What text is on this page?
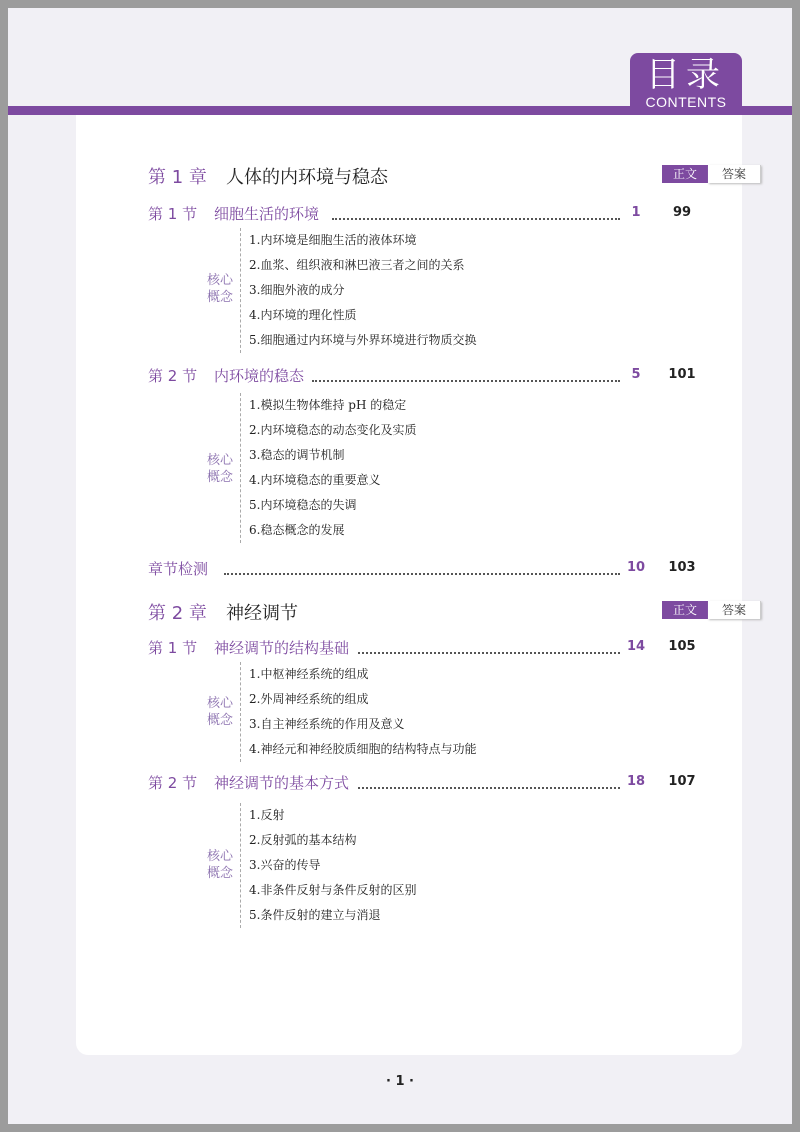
目录
CONTENTS
第 1 章 人体的内环境与稳态	正文	答案
第 1 节 细胞生活的环境	1	99
核心
概念
1.内环境是细胞生活的液体环境
2.血浆、组织液和淋巴液三者之间的关系
3.细胞外液的成分
4.内环境的理化性质
5.细胞通过内环境与外界环境进行物质交换
第 2 节 内环境的稳态	5	101
核心
概念
1.模拟生物体维持 pH 的稳定
2.内环境稳态的动态变化及实质
3.稳态的调节机制
4.内环境稳态的重要意义
5.内环境稳态的失调
6.稳态概念的发展
章节检测	10	103
第 2 章 神经调节	正文	答案
第 1 节 神经调节的结构基础	14	105
核心
概念
1.中枢神经系统的组成
2.外周神经系统的组成
3.自主神经系统的作用及意义
4.神经元和神经胶质细胞的结构特点与功能
第 2 节 神经调节的基本方式	18	107
核心
概念
1.反射
2.反射弧的基本结构
3.兴奋的传导
4.非条件反射与条件反射的区别
5.条件反射的建立与消退
· 1 ·
